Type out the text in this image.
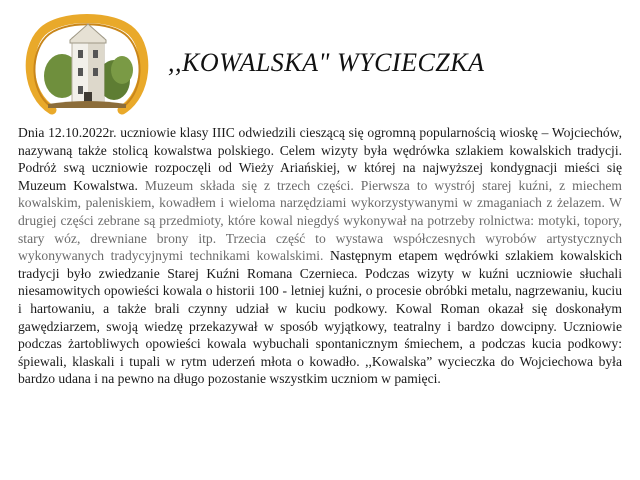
,,KOWALSKA" WYCIECZKA
Dnia 12.10.2022r. uczniowie klasy IIIC odwiedzili cieszącą się ogromną popularnością wioskę – Wojciechów, nazywaną także stolicą kowalstwa polskiego. Celem wizyty była wędrówka szlakiem kowalskich tradycji. Podróż swą uczniowie rozpoczęli od Wieży Ariańskiej, w której na najwyższej kondygnacji mieści się Muzeum Kowalstwa. Muzeum składa się z trzech części. Pierwsza to wystrój starej kuźni, z miechem kowalskim, paleniskiem, kowadłem i wieloma narzędziami wykorzystywanymi w zmaganiach z żelazem. W drugiej części zebrane są przedmioty, które kowal niegdyś wykonywał na potrzeby rolnictwa: motyki, topory, stary wóz, drewniane brony itp. Trzecia część to wystawa współczesnych wyrobów artystycznych wykonywanych tradycyjnymi technikami kowalskimi. Następnym etapem wędrówki szlakiem kowalskich tradycji było zwiedzanie Starej Kuźni Romana Czernieca. Podczas wizyty w kuźni uczniowie słuchali niesamowitych opowieści kowala o historii 100 - letniej kuźni, o procesie obróbki metalu, nagrzewaniu, kuciu i hartowaniu, a także brali czynny udział w kuciu podkowy. Kowal Roman okazał się doskonałym gawędziarzem, swoją wiedzę przekazywał w sposób wyjątkowy, teatralny i bardzo dowcipny. Uczniowie podczas żartobliwych opowieści kowala wybuchali spontanicznym śmiechem, a podczas kucia podkowy: śpiewali, klaskali i tupali w rytm uderzeń młota o kowadło. ,,Kowalska” wycieczka do Wojciechowa była bardzo udana i na pewno na długo pozostanie wszystkim uczniom w pamięci.
